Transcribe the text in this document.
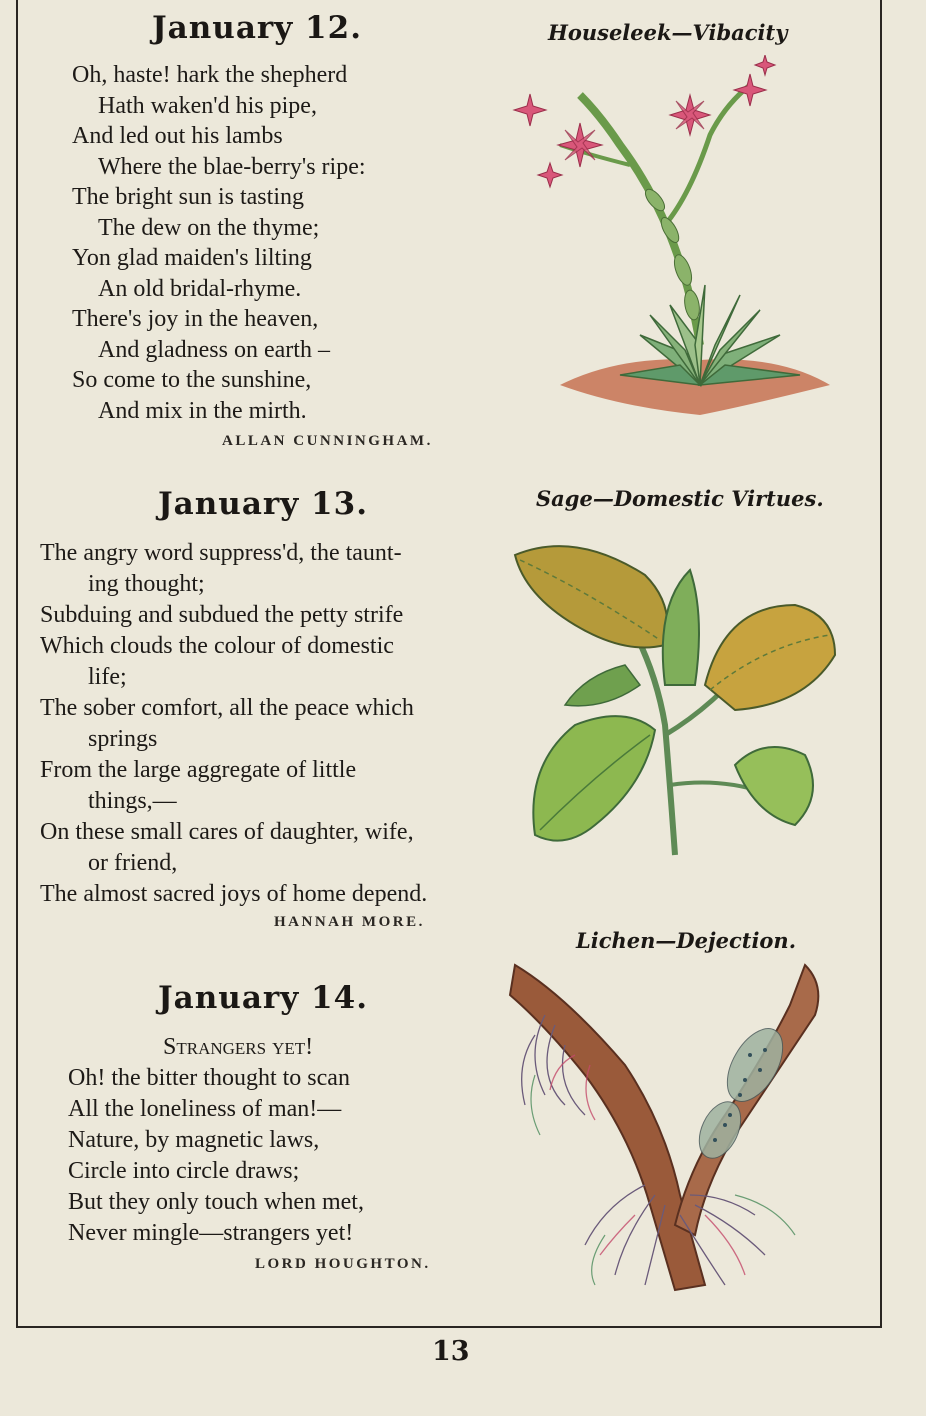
January 12.	Houseleek—Vibacity
Oh, haste! hark the shepherd
Hath waken'd his pipe,
And led out his lambs
Where the blae-berry's ripe:
The bright sun is tasting
The dew on the thyme;
Yon glad maiden's lilting
An old bridal-rhyme.
There's joy in the heaven,
And gladness on earth –
So come to the sunshine,
And mix in the mirth.
ALLAN CUNNINGHAM.
January 13.	Sage—Domestic Virtues.
The angry word suppress'd, the taunt-
ing thought;
Subduing and subdued the petty strife
Which clouds the colour of domestic
life;
The sober comfort, all the peace which
springs
From the large aggregate of little
things,—
On these small cares of daughter, wife,
or friend,
The almost sacred joys of home depend.
HANNAH MORE.
January 14.
Lichen—Dejection.
Strangers yet!
Oh! the bitter thought to scan
All the loneliness of man!—
Nature, by magnetic laws,
Circle into circle draws;
But they only touch when met,
Never mingle—strangers yet!
LORD HOUGHTON.
13
